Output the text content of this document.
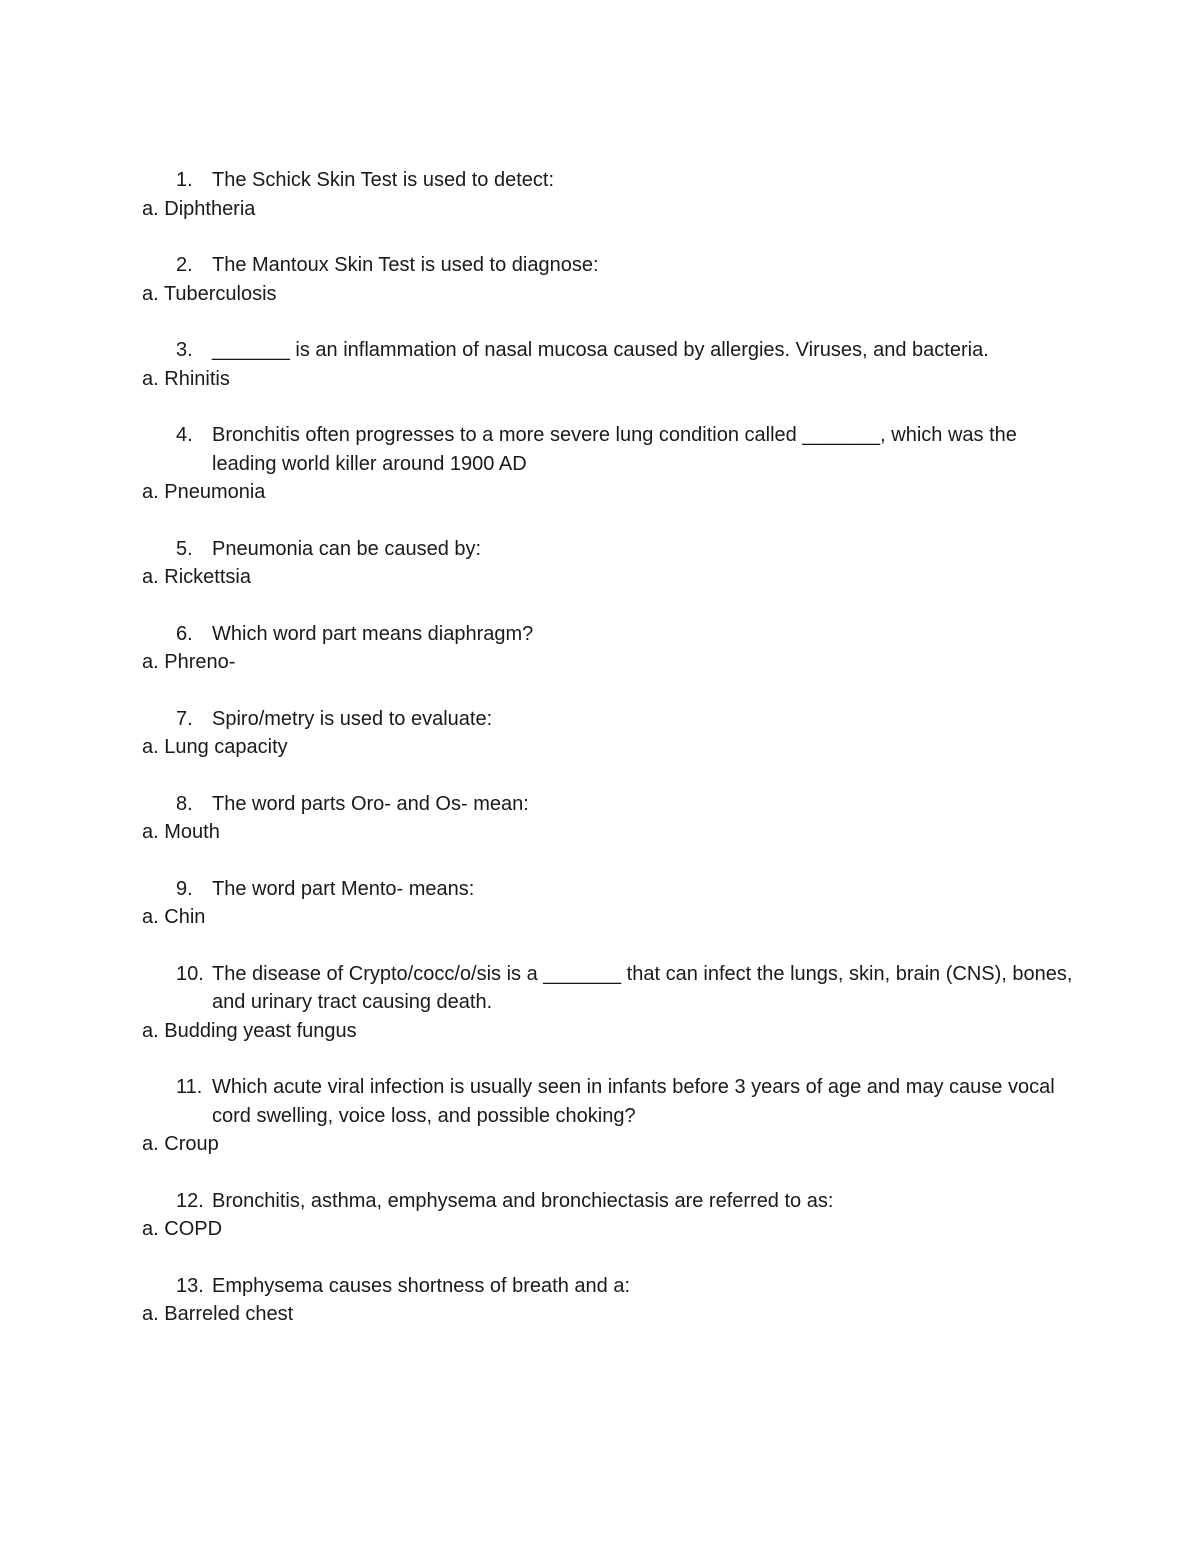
1. The Schick Skin Test is used to detect:
a. Diphtheria
2. The Mantoux Skin Test is used to diagnose:
a. Tuberculosis
3. _______ is an inflammation of nasal mucosa caused by allergies. Viruses, and bacteria.
a. Rhinitis
4. Bronchitis often progresses to a more severe lung condition called _______, which was the leading world killer around 1900 AD
a. Pneumonia
5. Pneumonia can be caused by:
a. Rickettsia
6. Which word part means diaphragm?
a. Phreno-
7. Spiro/metry is used to evaluate:
a. Lung capacity
8. The word parts Oro- and Os- mean:
a. Mouth
9. The word part Mento- means:
a. Chin
10. The disease of Crypto/cocc/o/sis is a _______ that can infect the lungs, skin, brain (CNS), bones, and urinary tract causing death.
a. Budding yeast fungus
11. Which acute viral infection is usually seen in infants before 3 years of age and may cause vocal cord swelling, voice loss, and possible choking?
a. Croup
12. Bronchitis, asthma, emphysema and bronchiectasis are referred to as:
a. COPD
13. Emphysema causes shortness of breath and a:
a. Barreled chest
